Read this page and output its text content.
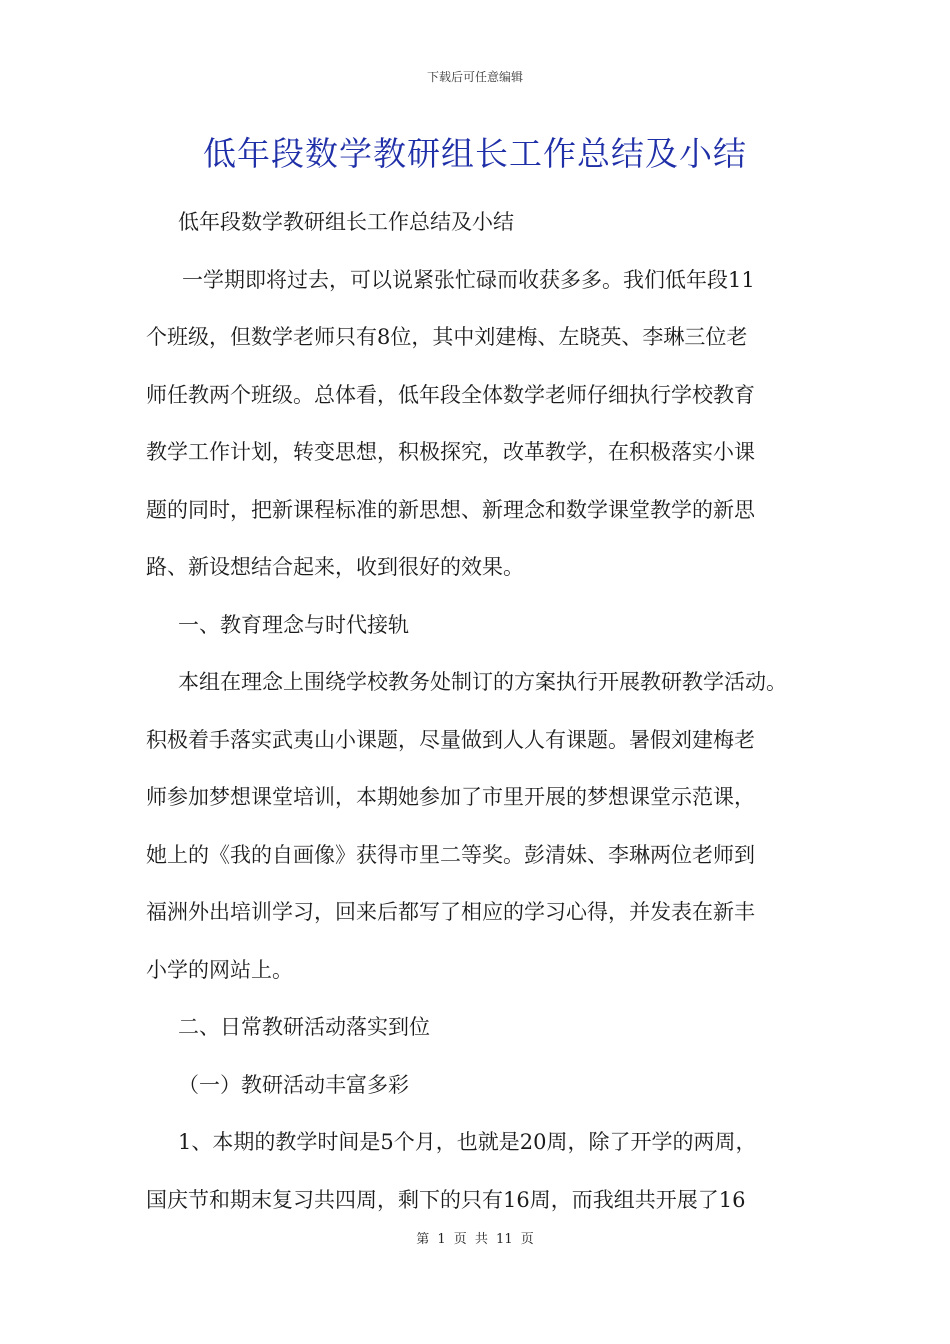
下载后可任意编辑
低年段数学教研组长工作总结及小结
低年段数学教研组长工作总结及小结
一学期即将过去，可以说紧张忙碌而收获多多。我们低年段11
个班级，但数学老师只有8位，其中刘建梅、左晓英、李琳三位老
师任教两个班级。总体看，低年段全体数学老师仔细执行学校教育
教学工作计划，转变思想，积极探究，改革教学，在积极落实小课
题的同时，把新课程标准的新思想、新理念和数学课堂教学的新思
路、新设想结合起来，收到很好的效果。
一、教育理念与时代接轨
本组在理念上围绕学校教务处制订的方案执行开展教研教学活动。
积极着手落实武夷山小课题，尽量做到人人有课题。暑假刘建梅老
师参加梦想课堂培训，本期她参加了市里开展的梦想课堂示范课，
她上的《我的自画像》获得市里二等奖。彭清妹、李琳两位老师到
福洲外出培训学习，回来后都写了相应的学习心得，并发表在新丰
小学的网站上。
二、日常教研活动落实到位
（一）教研活动丰富多彩
1、本期的教学时间是5个月，也就是20周，除了开学的两周，
国庆节和期末复习共四周，剩下的只有16周，而我组共开展了16
第 1 页 共 11 页
